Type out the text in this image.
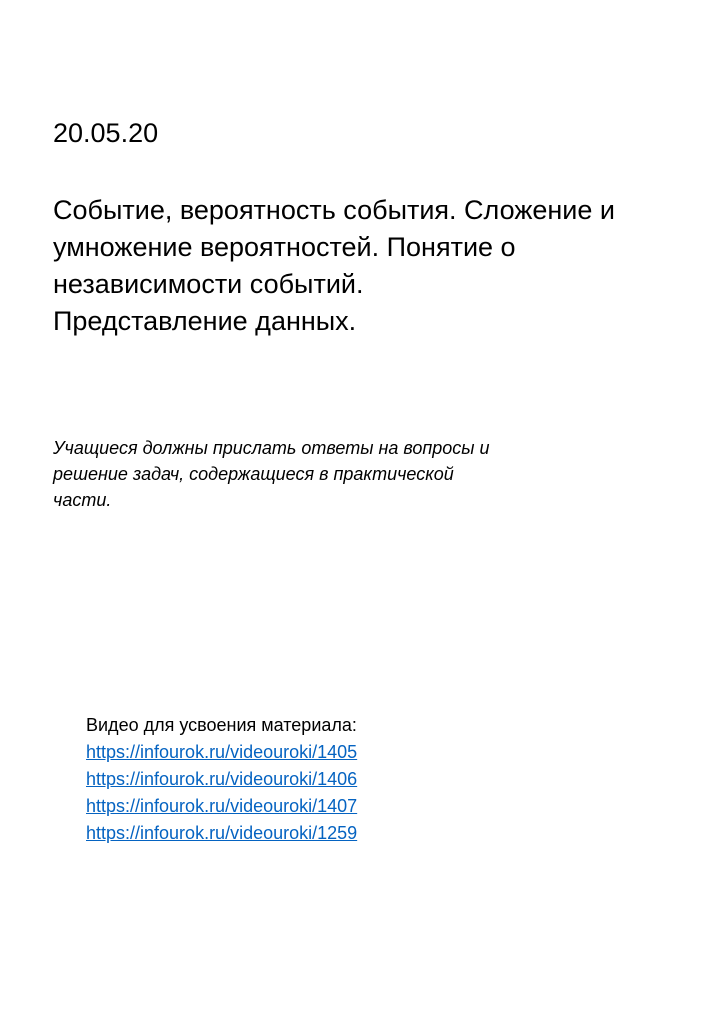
20.05.20

Событие, вероятность события. Сложение и
умножение вероятностей. Понятие о
независимости событий.
Представление данных.

Учащиеся должны прислать ответы на вопросы и
решение задач, содержащиеся в практической
части.

Видео для усвоения материала:

https://infourok.ru/videouroki/1405
https://infourok.ru/videouroki/1406
https://infourok.ru/videouroki/1407
https://infourok.ru/videouroki/1259
